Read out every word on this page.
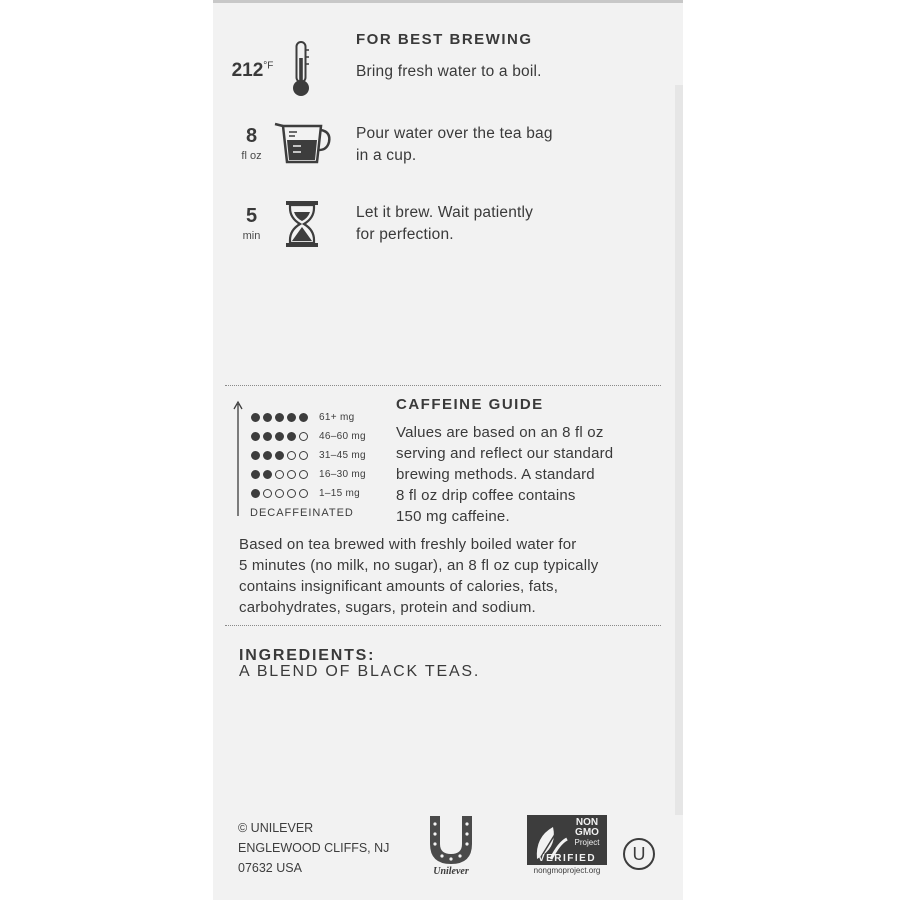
FOR BEST BREWING
$212^{^\circ F}$	Bring fresh water to a boil.
8
fl oz
Pour water over the tea bag
in a cup.
5
min
Let it brew. Wait patiently
for perfection.
61+ mg
46–60 mg
31–45 mg
16–30 mg
1–15 mg
DECAFFEINATED
CAFFEINE GUIDE
Values are based on an 8 fl oz
serving and reflect our standard
brewing methods. A standard
8 fl oz drip coffee contains
150 mg caffeine.
Based on tea brewed with freshly boiled water for
5 minutes (no milk, no sugar), an 8 fl oz cup typically
contains insignificant amounts of calories, fats,
carbohydrates, sugars, protein and sodium.
INGREDIENTS:
A BLEND OF BLACK TEAS.
© UNILEVER
ENGLEWOOD CLIFFS, NJ
07632 USA	Unilever
NON
GMO
Project
VERIFIED
nongmoproject.org
U
